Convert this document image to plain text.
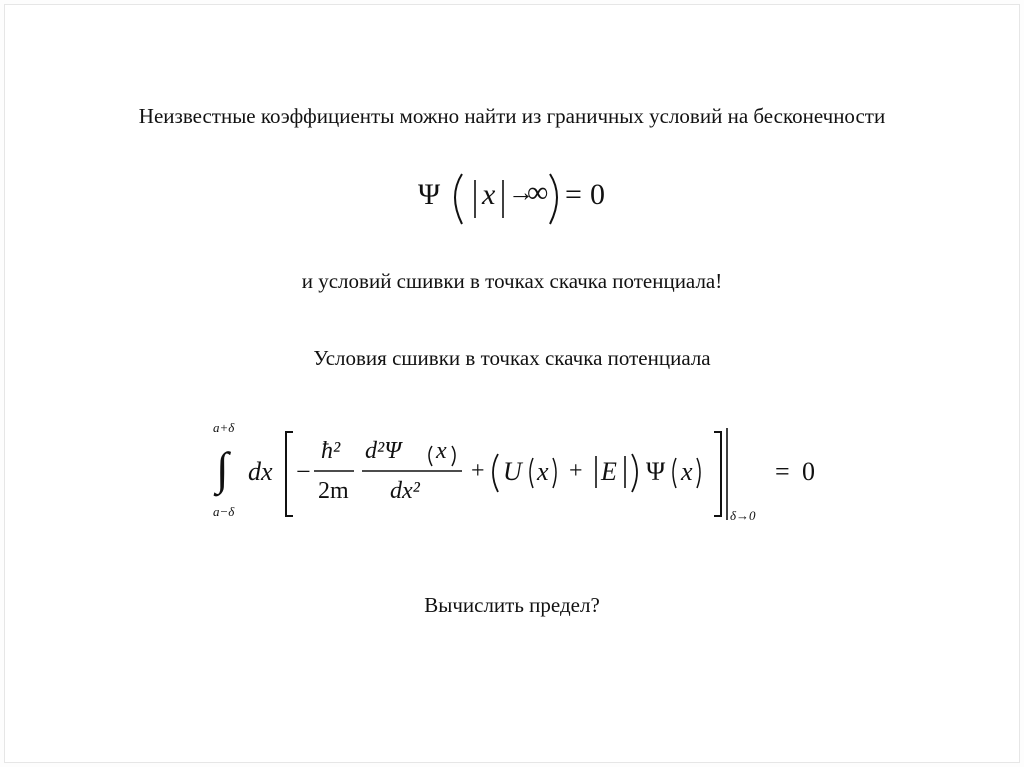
Неизвестные коэффициенты можно найти из граничных условий на бесконечности
Ψ x →
∞ = 0
и условий сшивки в точках скачка потенциала!
Условия сшивки в точках скачка потенциала
a+δ
∫
a−δ
dx −
ħ²
2m
d²Ψ x
dx²
+ U x + E Ψ x
δ→0
= 0
Вычислить предел?
